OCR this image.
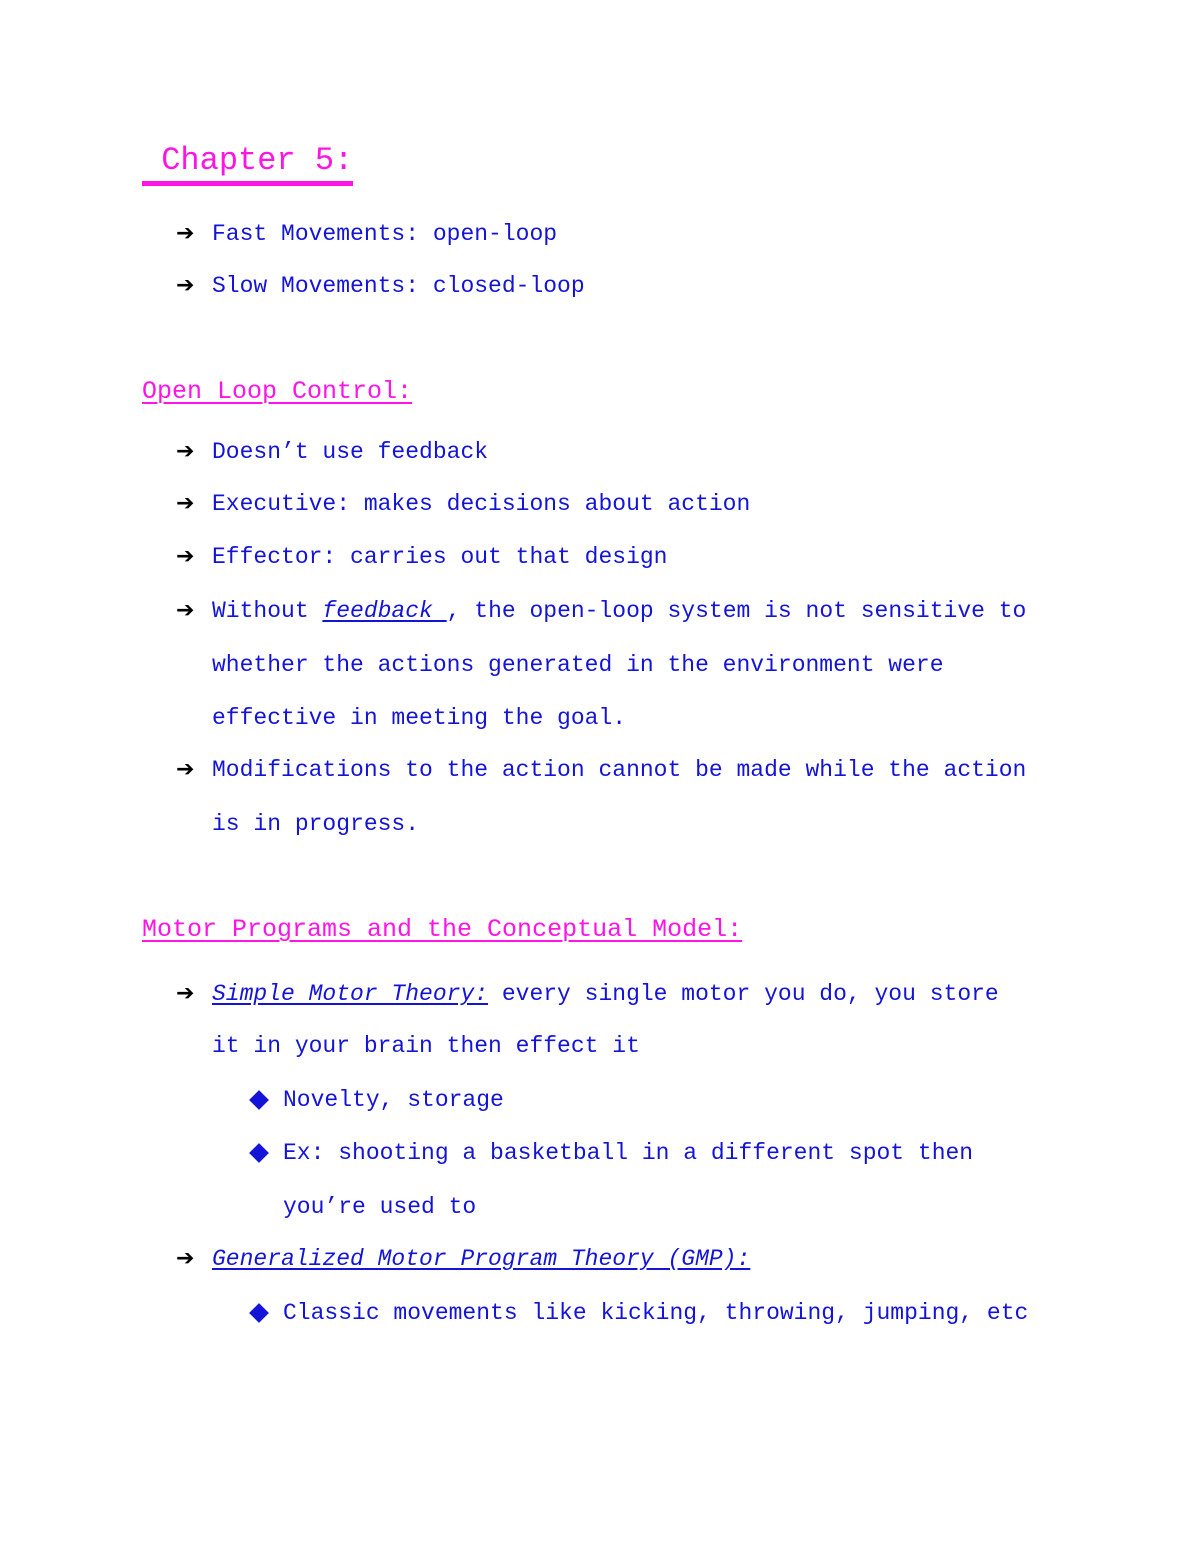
Chapter 5:
➔ Fast Movements: open-loop
➔ Slow Movements: closed-loop
Open Loop Control:
➔ Doesn’t use feedback
➔ Executive: makes decisions about action
➔ Effector: carries out that design
➔ Without feedback , the open-loop system is not sensitive to
whether the actions generated in the environment were
effective in meeting the goal.
➔ Modifications to the action cannot be made while the action
is in progress.
Motor Programs and the Conceptual Model:
➔ Simple Motor Theory: every single motor you do, you store
it in your brain then effect it
Novelty, storage
Ex: shooting a basketball in a different spot then
you’re used to
➔ Generalized Motor Program Theory (GMP):
Classic movements like kicking, throwing, jumping, etc
